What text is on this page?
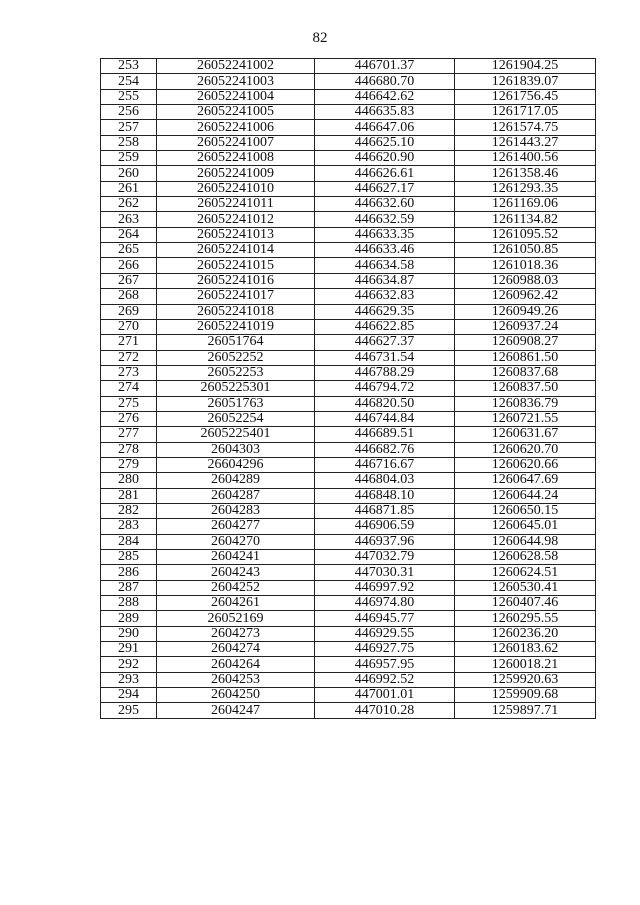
82
253	26052241002	446701.37	1261904.25
254	26052241003	446680.70	1261839.07
255	26052241004	446642.62	1261756.45
256	26052241005	446635.83	1261717.05
257	26052241006	446647.06	1261574.75
258	26052241007	446625.10	1261443.27
259	26052241008	446620.90	1261400.56
260	26052241009	446626.61	1261358.46
261	26052241010	446627.17	1261293.35
262	26052241011	446632.60	1261169.06
263	26052241012	446632.59	1261134.82
264	26052241013	446633.35	1261095.52
265	26052241014	446633.46	1261050.85
266	26052241015	446634.58	1261018.36
267	26052241016	446634.87	1260988.03
268	26052241017	446632.83	1260962.42
269	26052241018	446629.35	1260949.26
270	26052241019	446622.85	1260937.24
271	26051764	446627.37	1260908.27
272	26052252	446731.54	1260861.50
273	26052253	446788.29	1260837.68
274	2605225301	446794.72	1260837.50
275	26051763	446820.50	1260836.79
276	26052254	446744.84	1260721.55
277	2605225401	446689.51	1260631.67
278	2604303	446682.76	1260620.70
279	26604296	446716.67	1260620.66
280	2604289	446804.03	1260647.69
281	2604287	446848.10	1260644.24
282	2604283	446871.85	1260650.15
283	2604277	446906.59	1260645.01
284	2604270	446937.96	1260644.98
285	2604241	447032.79	1260628.58
286	2604243	447030.31	1260624.51
287	2604252	446997.92	1260530.41
288	2604261	446974.80	1260407.46
289	26052169	446945.77	1260295.55
290	2604273	446929.55	1260236.20
291	2604274	446927.75	1260183.62
292	2604264	446957.95	1260018.21
293	2604253	446992.52	1259920.63
294	2604250	447001.01	1259909.68
295	2604247	447010.28	1259897.71
